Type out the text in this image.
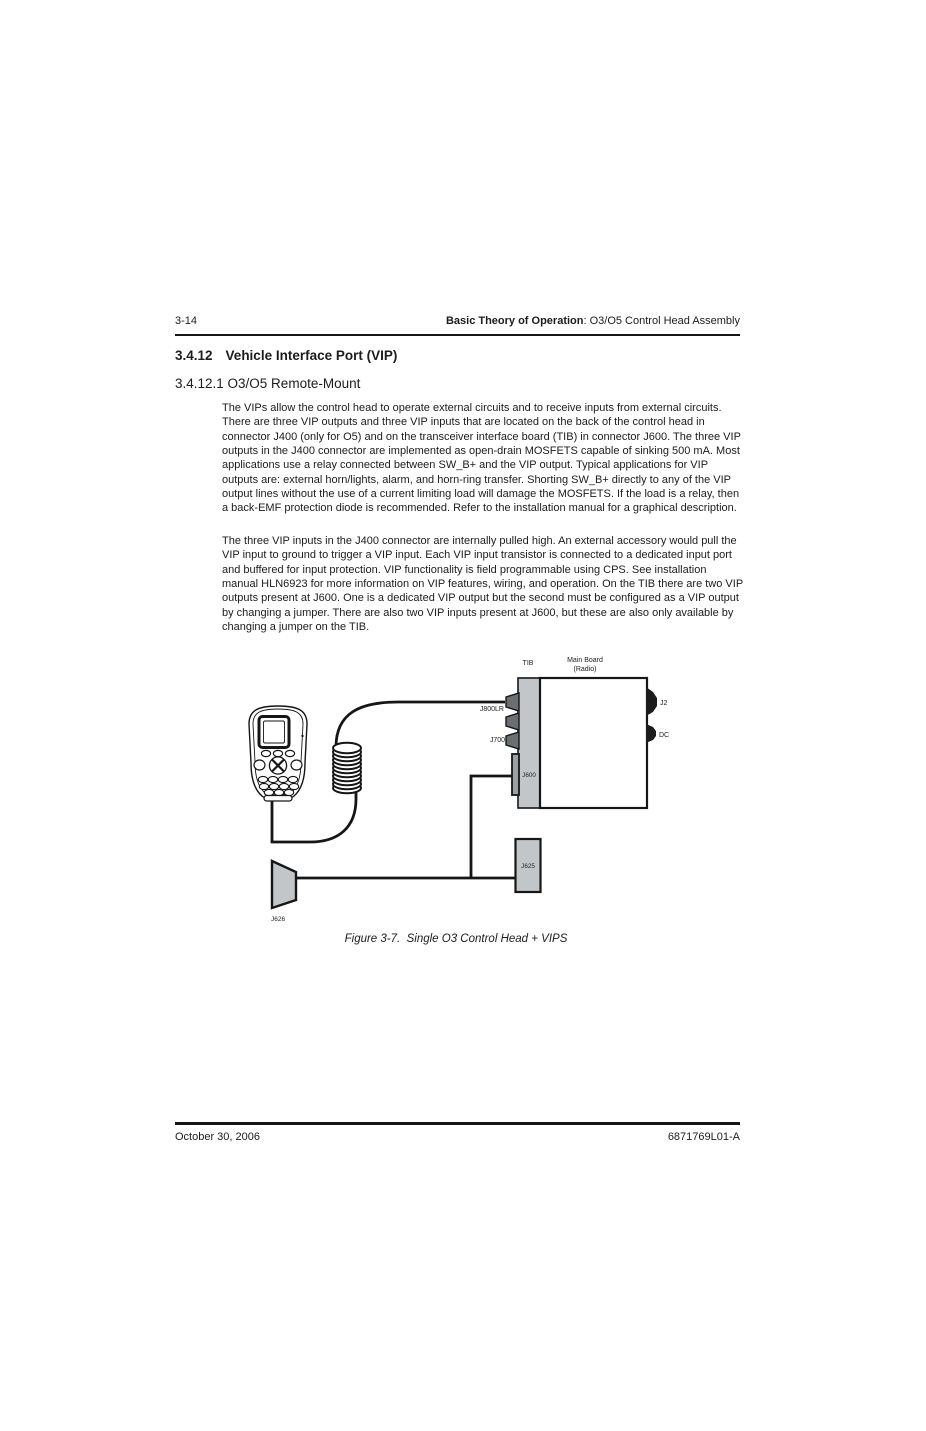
3-14	Basic Theory of Operation: O3/O5 Control Head Assembly
3.4.12 Vehicle Interface Port (VIP)
3.4.12.1 O3/O5 Remote-Mount
The VIPs allow the control head to operate external circuits and to receive inputs from external circuits. There are three VIP outputs and three VIP inputs that are located on the back of the control head in connector J400 (only for O5) and on the transceiver interface board (TIB) in connector J600. The three VIP outputs in the J400 connector are implemented as open-drain MOSFETS capable of sinking 500 mA. Most applications use a relay connected between SW_B+ and the VIP output. Typical applications for VIP outputs are: external horn/lights, alarm, and horn-ring transfer. Shorting SW_B+ directly to any of the VIP output lines without the use of a current limiting load will damage the MOSFETS. If the load is a relay, then a back-EMF protection diode is recommended. Refer to the installation manual for a graphical description.
The three VIP inputs in the J400 connector are internally pulled high. An external accessory would pull the VIP input to ground to trigger a VIP input. Each VIP input transistor is connected to a dedicated input port and buffered for input protection. VIP functionality is field programmable using CPS. See installation manual HLN6923 for more information on VIP features, wiring, and operation. On the TIB there are two VIP outputs present at J600. One is a dedicated VIP output but the second must be configured as a VIP output by changing a jumper. There are also two VIP inputs present at J600, but these are also only available by changing a jumper on the TIB.
TIB	Main Board
(Radio)
J800LR
J700
J600
J625
J626
J2
DC
Figure 3-7.  Single O3 Control Head + VIPS
October 30, 2006	6871769L01-A
